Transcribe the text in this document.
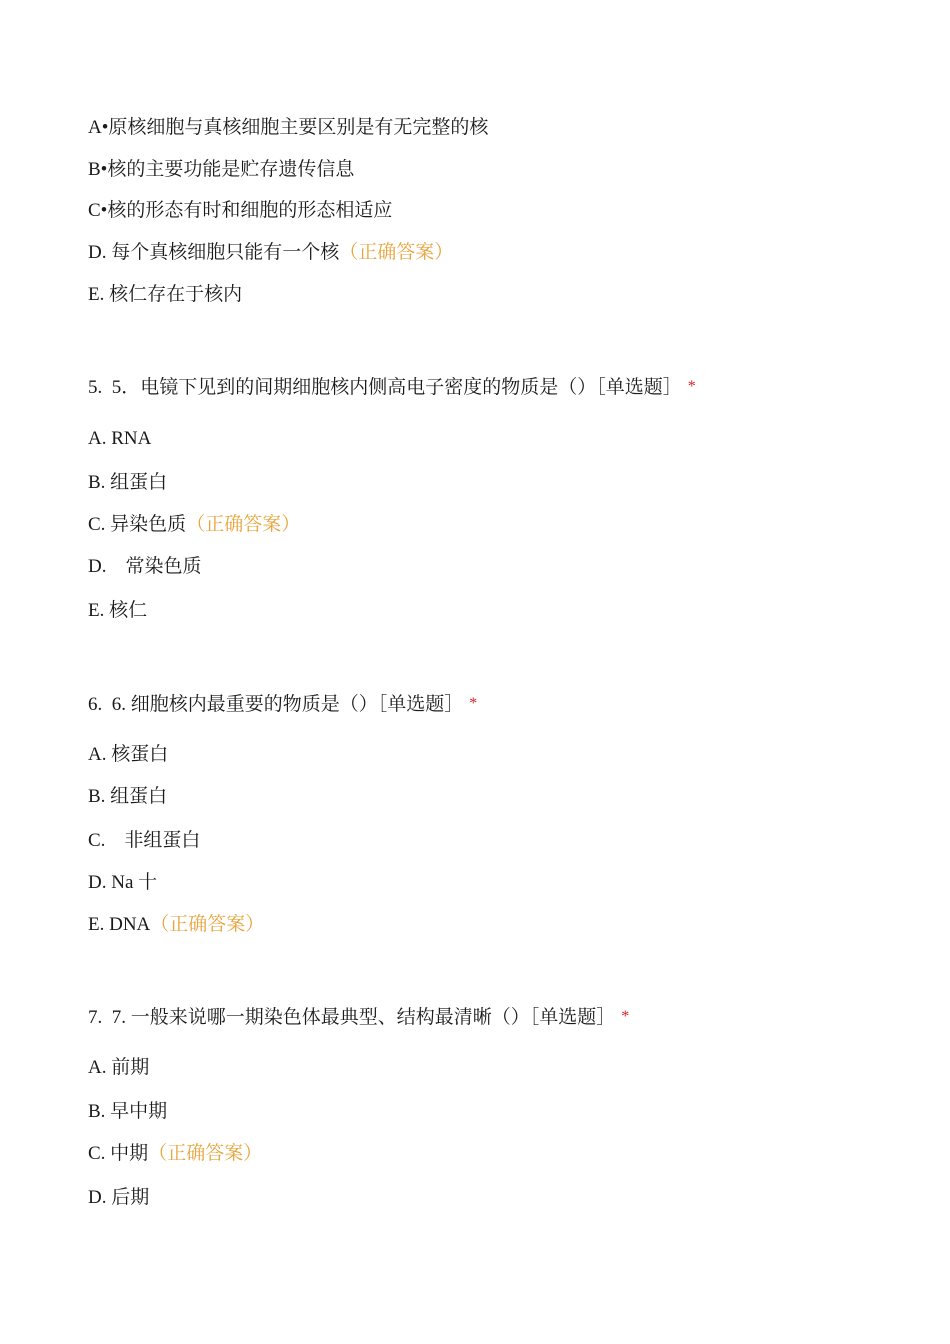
A•原核细胞与真核细胞主要区别是有无完整的核
B•核的主要功能是贮存遗传信息
C•核的形态有时和细胞的形态相适应
D. 每个真核细胞只能有一个核（正确答案）
E. 核仁存在于核内
5.  5．电镜下见到的间期细胞核内侧高电子密度的物质是（）［单选题］ *
A. RNA
B. 组蛋白
C. 异染色质（正确答案）
D.    常染色质
E. 核仁
6.  6. 细胞核内最重要的物质是（）［单选题］ *
A. 核蛋白
B. 组蛋白
C.    非组蛋白
D. Na 十
E. DNA（正确答案）
7.  7. 一般来说哪一期染色体最典型、结构最清晰（）［单选题］ *
A. 前期
B. 早中期
C. 中期（正确答案）
D. 后期
